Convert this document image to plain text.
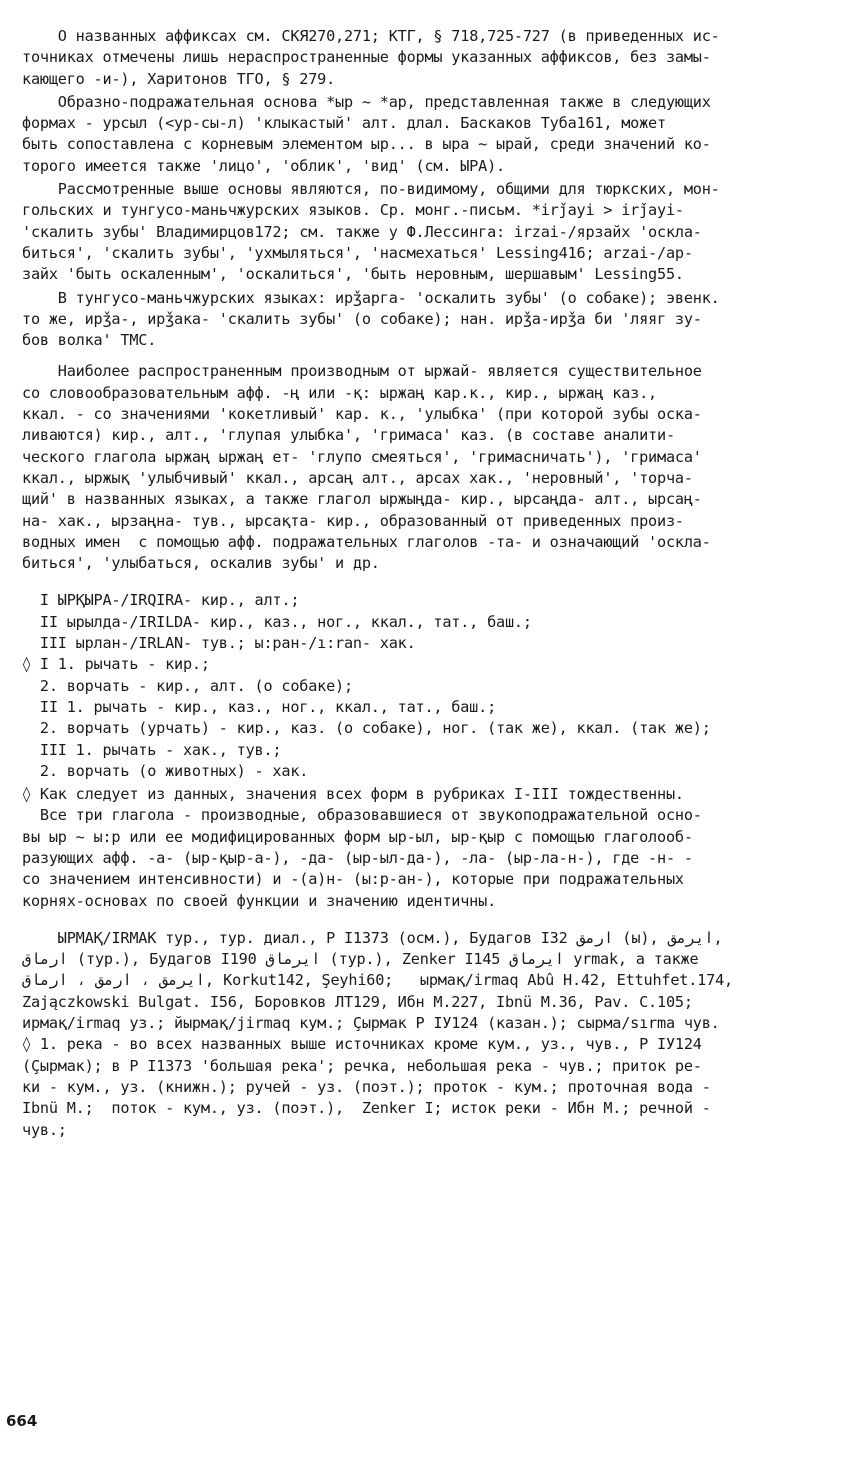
О названных аффиксах см. СКЯ270,271; КТГ, § 718,725-727 (в приведенных ис-
точниках отмечены лишь нераспространенные формы указанных аффиксов, без замы-
кающего -и-), Харитонов ТГО, § 279.

Образно-подражательная основа *ыр ~ *ар, представленная также в следующих
формах - урсыл (<ур-сы-л) 'клыкастый' алт. длал. Баскаков Туба161, может
быть сопоставлена с корневым элементом ыр... в ыра ~ ырай, среди значений ко-
торого имеется также 'лицо', 'облик', 'вид' (см. ЫРА).

Рассмотренные выше основы являются, по-видимому, общими для тюркских, мон-
гольских и тунгусо-маньчжурских языков. Ср. монг.-письм. *irǰayi > irǰayi-
'скалить зубы' Владимирцов172; см. также у Ф.Лессинга: irzai-/ярзайх 'оскла-
биться', 'скалить зубы', 'ухмыляться', 'насмехаться' Lessing416; arzai-/ар-
зайх 'быть оскаленным', 'оскалиться', 'быть неровным, шершавым' Lessing55.

В тунгусо-маньчжурских языках: ирǯарга- 'оскалить зубы' (о собаке); эвенк.
то же, ирǯа-, ирǯака- 'скалить зубы' (о собаке); нан. ирǯа-ирǯа би 'ляяг зу-
бов волка' ТМС.

Наиболее распространенным производным от ыржай- является существительное
со словообразовательным афф. -ң или -қ: ыржаң кар.к., кир., ыржаң каз.,
ккал. - со значениями 'кокетливый' кар. к., 'улыбка' (при которой зубы оска-
ливаются) кир., алт., 'глупая улыбка', 'гримаса' каз. (в составе аналити-
ческого глагола ыржаң ыржаң ет- 'глупо смеяться', 'гримасничать'), 'гримаса'
ккал., ыржық 'улыбчивый' ккал., арсаң алт., арсах хак., 'неровный', 'торча-
щий' в названных языках, а также глагол ыржыңда- кир., ырсаңда- алт., ырсаң-
на- хак., ырзаңна- тув., ырсақта- кир., образованный от приведенных произ-
водных имен  с помощью афф. подражательных глаголов -та- и означающий 'оскла-
биться', 'улыбаться, оскалив зубы' и др.

I ЫРҚЫРА-/IRQIRA- кир., алт.;
II ырылда-/IRILDA- кир., каз., ног., ккал., тат., баш.;
III ырлан-/IRLAN- тув.; ы:ран-/ı:ran- хак.
◊ I 1. рычать - кир.;
2. ворчать - кир., алт. (о собаке);
II 1. рычать - кир., каз., ног., ккал., тат., баш.;
2. ворчать (урчать) - кир., каз. (о собаке), ног. (так же), ккал. (так же);
III 1. рычать - хак., тув.;
2. ворчать (о животных) - хак.

◊ Как следует из данных, значения всех форм в рубриках I-III тождественны.
Все три глагола - производные, образовавшиеся от звукоподражательной осно-
вы ыр ~ ы:р или ее модифицированных форм ыр-ыл, ыр-қыр с помощью глаголооб-
разующих афф. -а- (ыр-қыр-а-), -да- (ыр-ыл-да-), -ла- (ыр-ла-н-), где -н- -
со значением интенсивности) и -(а)н- (ы:р-ан-), которые при подражательных
корнях-основах по своей функции и значению идентичны.

ЫРМАҚ/IRMAK тур., тур. диал., Р I1373 (осм.), Будагов I32 ارمق (ы), ايرمق,
ارماق (тур.), Будагов I190 ايرماق (тур.), Zenker I145 ايرماق yrmak, а также
ايرمق ، ارمق ، ارماق, Korkut142, Şeyhi60;   ырмақ/irmaq Abû H.42, Ettuhfet.174,
Zajączkowski Bulgat. I56, Боровков ЛТ129, Ибн М.227, Ibnü M.36, Pav. C.105;
ирмақ/irmaq уз.; йырмақ/jirmaq кум.; Ҫырмак Р IУ124 (казан.); сырма/sırma чув.
◊ 1. река - во всех названных выше источниках кроме кум., уз., чув., Р IУ124
(Ҫырмак); в Р I1373 'большая река'; речка, небольшая река - чув.; приток ре-
ки - кум., уз. (книжн.); ручей - уз. (поэт.); проток - кум.; проточная вода -
Ibnü M.;  поток - кум., уз. (поэт.),  Zenker I; исток реки - Ибн М.; речной -
чув.;

664
